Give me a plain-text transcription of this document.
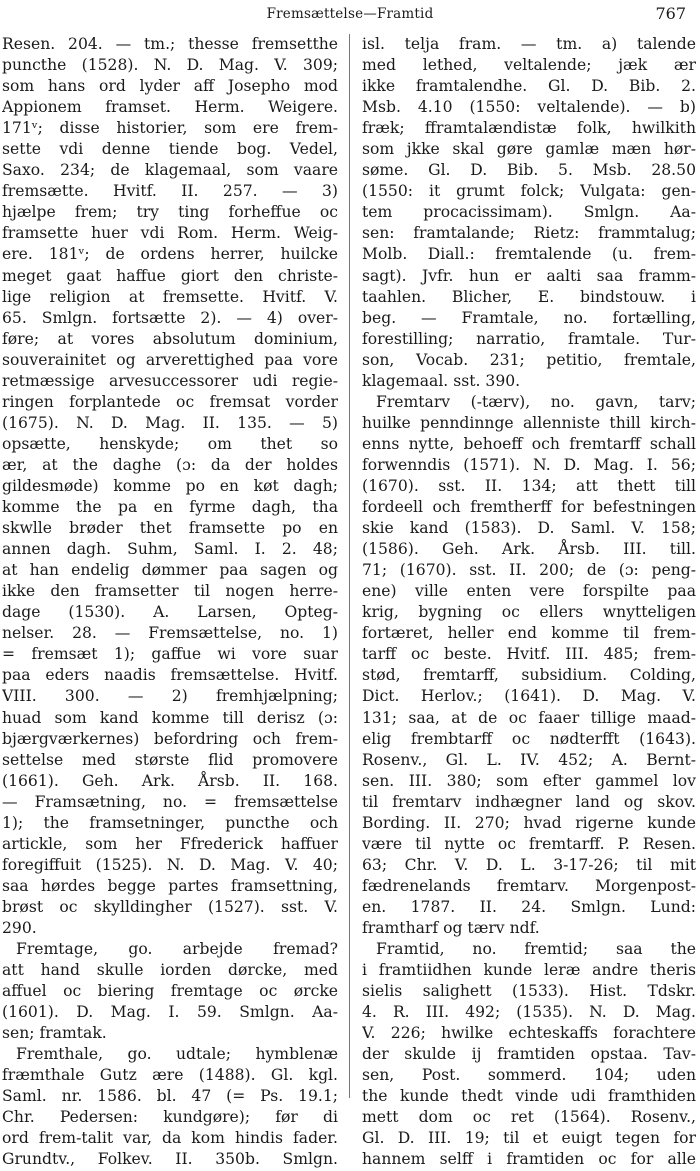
Fremsættelse—Framtid	767
Resen. 204. — tm.; thesse fremsetthe
puncthe (1528). N. D. Mag. V. 309;
som hans ord lyder aff Josepho mod
Appionem framset. Herm. Weigere.
171ᵛ; disse historier, som ere frem-
sette vdi denne tiende bog. Vedel,
Saxo. 234; de klagemaal, som vaare
fremsætte. Hvitf. II. 257. — 3)
hjælpe frem; try ting forheffue oc
framsette huer vdi Rom. Herm. Weig-
ere. 181ᵛ; de ordens herrer, huilcke
meget gaat haffue giort den christe-
lige religion at fremsette. Hvitf. V.
65. Smlgn. fortsætte 2). — 4) over-
føre; at vores absolutum dominium,
souverainitet og arverettighed paa vore
retmæssige arvesuccessorer udi regie-
ringen forplantede oc fremsat vorder
(1675). N. D. Mag. II. 135. — 5)
opsætte, henskyde; om thet so
ær, at the daghe (ɔ: da der holdes
gildesmøde) komme po en køt dagh;
komme the pa en fyrme dagh, tha
skwlle brøder thet framsette po en
annen dagh. Suhm, Saml. I. 2. 48;
at han endelig dømmer paa sagen og
ikke den framsetter til nogen herre-
dage (1530). A. Larsen, Opteg-
nelser. 28. — Fremsættelse, no. 1)
= fremsæt 1); gaffue wi vore suar
paa eders naadis fremsættelse. Hvitf.
VIII. 300. — 2) fremhjælpning;
huad som kand komme till derisz (ɔ:
bjærgværkernes) befordring och frem-
settelse med største flid promovere
(1661). Geh. Ark. Årsb. II. 168.
— Framsætning, no. = fremsættelse
1); the framsetninger, puncthe och
artickle, som her Ffrederick haffuer
foregiffuit (1525). N. D. Mag. V. 40;
saa hørdes begge partes framsettning,
brøst oc skylldingher (1527). sst. V.
290.
Fremtage, go. arbejde fremad?
att hand skulle iorden dørcke, med
affuel oc biering fremtage oc ørcke
(1601). D. Mag. I. 59. Smlgn. Aa-
sen; framtak.
Fremthale, go. udtale; hymblenæ
fræmthale Gutz ære (1488). Gl. kgl.
Saml. nr. 1586. bl. 47 (= Ps. 19.1;
Chr. Pedersen: kundgøre); før di
ord frem-talit var, da kom hindis fader.
Grundtv., Folkev. II. 350b. Smlgn.
isl. telja fram. — tm. a) talende
med lethed, veltalende; jæk ær
ikke framtalendhe. Gl. D. Bib. 2.
Msb. 4.10 (1550: veltalende). — b)
fræk; fframtalændistæ folk, hwilkith
som jkke skal gøre gamlæ mæn hør-
søme. Gl. D. Bib. 5. Msb. 28.50
(1550: it grumt folck; Vulgata: gen-
tem procacissimam). Smlgn. Aa-
sen: framtalande; Rietz: frammtalug;
Molb. Diall.: fremtalende (u. frem-
sagt). Jvfr. hun er aalti saa framm-
taahlen. Blicher, E. bindstouw. i
beg. — Framtale, no. fortælling,
forestilling; narratio, framtale. Tur-
son, Vocab. 231; petitio, fremtale,
klagemaal. sst. 390.
Fremtarv (-tærv), no. gavn, tarv;
huilke penndinnge allenniste thill kirch-
enns nytte, behoeff och fremtarff schall
forwenndis (1571). N. D. Mag. I. 56;
(1670). sst. II. 134; att thett till
fordeell och fremtherff for befestningen
skie kand (1583). D. Saml. V. 158;
(1586). Geh. Ark. Årsb. III. till.
71; (1670). sst. II. 200; de (ɔ: peng-
ene) ville enten vere forspilte paa
krig, bygning oc ellers wnytteligen
fortæret, heller end komme til frem-
tarff oc beste. Hvitf. III. 485; frem-
stød, fremtarff, subsidium. Colding,
Dict. Herlov.; (1641). D. Mag. V.
131; saa, at de oc faaer tillige maad-
elig frembtarff oc nødterfft (1643).
Rosenv., Gl. L. IV. 452; A. Bernt-
sen. III. 380; som efter gammel lov
til fremtarv indhægner land og skov.
Bording. II. 270; hvad rigerne kunde
være til nytte oc fremtarff. P. Resen.
63; Chr. V. D. L. 3-17-26; til mit
fædrenelands fremtarv. Morgenpost-
en. 1787. II. 24. Smlgn. Lund:
framtharf og tærv ndf.
Framtid, no. fremtid; saa the
i framtiidhen kunde leræ andre theris
sielis salighett (1533). Hist. Tdskr.
4. R. III. 492; (1535). N. D. Mag.
V. 226; hwilke echteskaffs forachtere
der skulde ij framtiden opstaa. Tav-
sen, Post. sommerd. 104; uden
the kunde thedt vinde udi framthiden
mett dom oc ret (1564). Rosenv.,
Gl. D. III. 19; til et euigt tegen for
hannem selff i framtiden oc for alle
